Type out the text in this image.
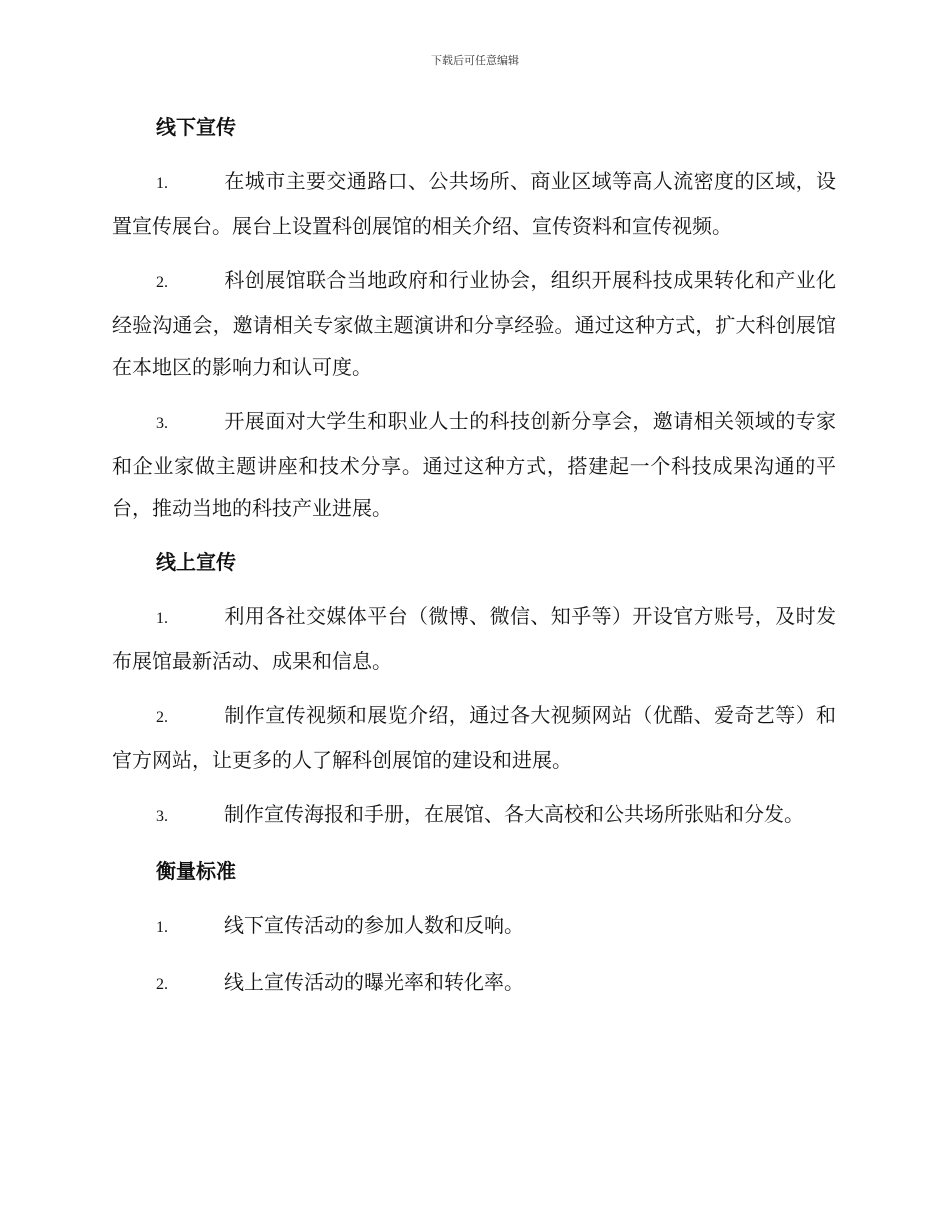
下载后可任意编辑
线下宣传
1.	在城市主要交通路口、公共场所、商业区域等高人流密度的区域，设置宣传展台。展台上设置科创展馆的相关介绍、宣传资料和宣传视频。
2.	科创展馆联合当地政府和行业协会，组织开展科技成果转化和产业化经验沟通会，邀请相关专家做主题演讲和分享经验。通过这种方式，扩大科创展馆在本地区的影响力和认可度。
3.	开展面对大学生和职业人士的科技创新分享会，邀请相关领域的专家和企业家做主题讲座和技术分享。通过这种方式，搭建起一个科技成果沟通的平台，推动当地的科技产业进展。
线上宣传
1.	利用各社交媒体平台（微博、微信、知乎等）开设官方账号，及时发布展馆最新活动、成果和信息。
2.	制作宣传视频和展览介绍，通过各大视频网站（优酷、爱奇艺等）和官方网站，让更多的人了解科创展馆的建设和进展。
3.	制作宣传海报和手册，在展馆、各大高校和公共场所张贴和分发。
衡量标准
1.	线下宣传活动的参加人数和反响。
2.	线上宣传活动的曝光率和转化率。
